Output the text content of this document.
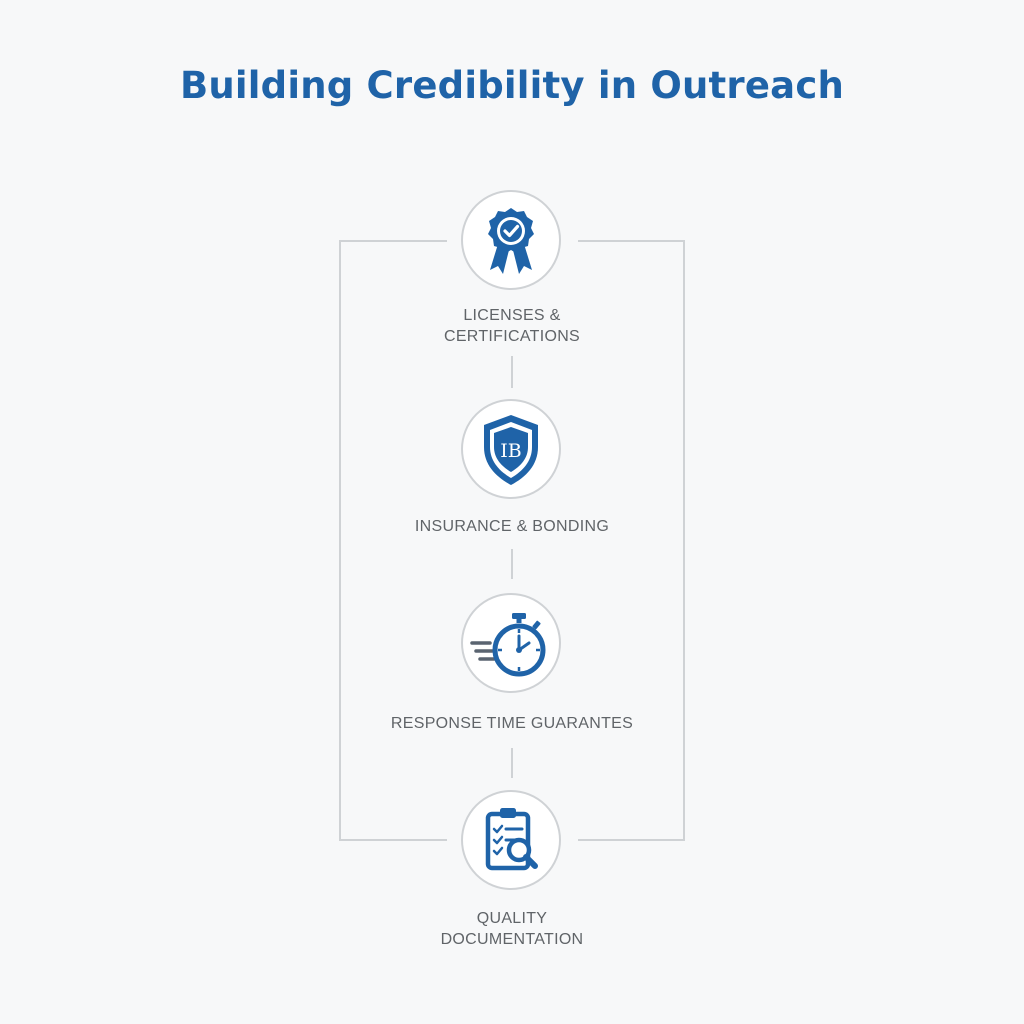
Building Credibility in Outreach
LICENSES &
CERTIFICATIONS
IB
INSURANCE & BONDING
RESPONSE TIME GUARANTES
QUALITY
DOCUMENTATION
